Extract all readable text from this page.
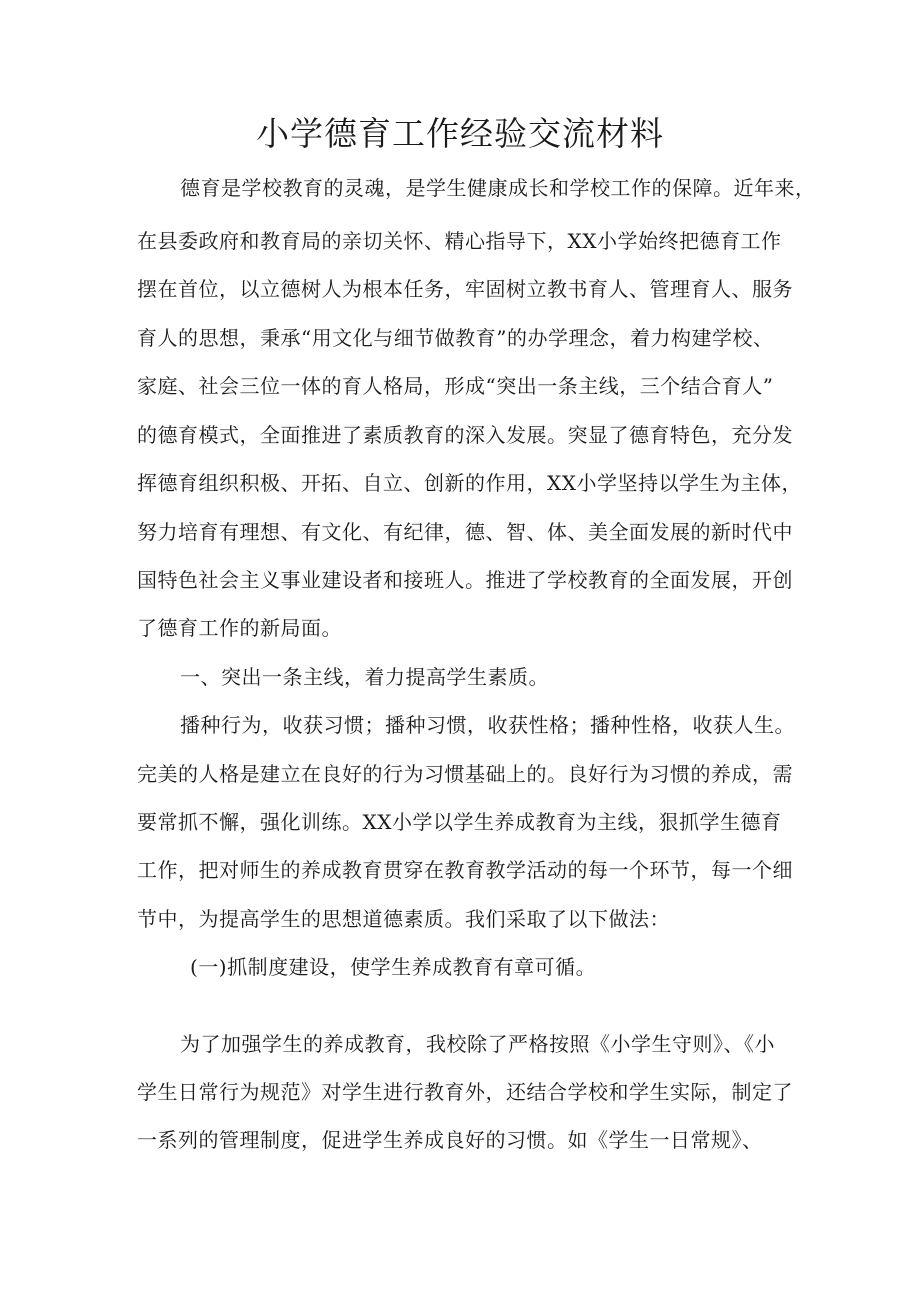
小学德育工作经验交流材料
德育是学校教育的灵魂，是学生健康成长和学校工作的保障。近年来，
在县委政府和教育局的亲切关怀、精心指导下，XX小学始终把德育工作
摆在首位，以立德树人为根本任务，牢固树立教书育人、管理育人、服务
育人的思想，秉承“用文化与细节做教育”的办学理念，着力构建学校、
家庭、社会三位一体的育人格局，形成“突出一条主线，三个结合育人”
的德育模式，全面推进了素质教育的深入发展。突显了德育特色，充分发
挥德育组织积极、开拓、自立、创新的作用，XX小学坚持以学生为主体，
努力培育有理想、有文化、有纪律，德、智、体、美全面发展的新时代中
国特色社会主义事业建设者和接班人。推进了学校教育的全面发展，开创
了德育工作的新局面。
一、突出一条主线，着力提高学生素质。
播种行为，收获习惯；播种习惯，收获性格；播种性格，收获人生。
完美的人格是建立在良好的行为习惯基础上的。良好行为习惯的养成，需
要常抓不懈，强化训练。XX小学以学生养成教育为主线，狠抓学生德育
工作，把对师生的养成教育贯穿在教育教学活动的每一个环节，每一个细
节中，为提高学生的思想道德素质。我们采取了以下做法：
(一)抓制度建设，使学生养成教育有章可循。
为了加强学生的养成教育，我校除了严格按照《小学生守则》、《小
学生日常行为规范》对学生进行教育外，还结合学校和学生实际，制定了
一系列的管理制度，促进学生养成良好的习惯。如《学生一日常规》、
